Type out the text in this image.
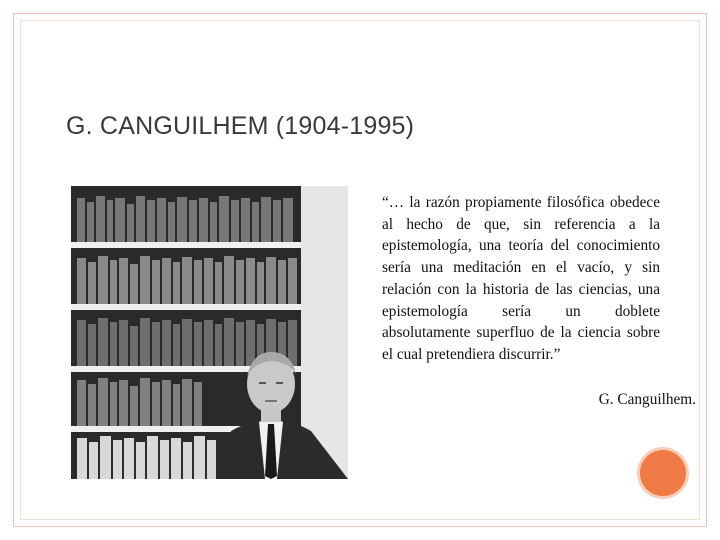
G. CANGUILHEM (1904-1995)
“… la razón propiamente filosófica obedece al hecho de que, sin referencia a la epistemología, una teoría del conocimiento sería una meditación en el vacío, y sin relación con la historia de las ciencias, una epistemología sería un doblete absolutamente superfluo de la ciencia sobre el cual pretendiera discurrir.”
G. Canguilhem.
